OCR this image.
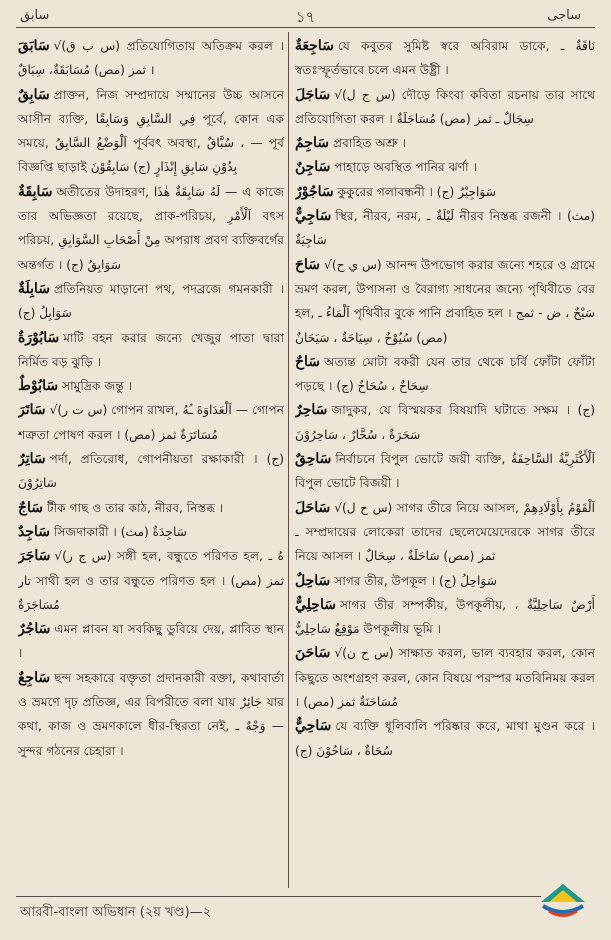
سابق	১৭	ساجی

سَابَقَ √(س ب ق) প্রতিযোগিতায় অতিক্রম করল । ثمز (مص) مُسَابَقَةٌ، سِبَاقٌ ।

سَابِقٌ প্রাক্তন, নিজ সম্প্রদায়ে সম্মানের উচ্চ আসনে আসীন ব্যক্তি, فِي السَّابِقِ وَسَابِقًا পূর্বে, কোন এক সময়ে, اَلْوَضْعُ السَّابِقُ পূর্ববৎ অবস্থা, سُبَّاقٌ ، — পূর্ব বিজ্ঞপ্তি ছাড়াই بِدُوْنِ سَابِقِ إِنْذَارٍ (ج) سَابِقُوْنَ

سَابِقَةٌ অতীতের উদাহরণ, لَهُ سَابِقَةٌ هٰذَا — এ কাজে তার অভিজ্ঞতা রয়েছে, প্রাক-পরিচয়, اَلْأَمْرِ বৎস পরিচয়, مِنْ أَصْحَابِ السَّوَابِقِ অপরাধ প্রবণ ব্যক্তিবর্গের অন্তর্গত । (ج) سَوَابِقُ

سَابِلَةٌ প্রতিনিয়ত মাড়ানো পথ, পদব্রজে গমনকারী । (ج) سَوَابِلُ

سَابُوْرَةٌ মাটি বহন করার জন্যে খেজুর পাতা দ্বারা নির্মিত বড় ঝুড়ি ।

سَابُوْطٌ সামুদ্রিক জন্তু ।

سَاتَرَ √(س ت ر) গোপন রাখল, اَلْعَدَاوَةَ ـُهُ — গোপন শত্রুতা পোষণ করল । (مص) مُسَاتَرَةٌ ثمز

سَاتِرٌ পর্দা, প্রতিরোধ, গোপনীয়তা রক্ষাকারী । (ج) سَاتِرُوْنَ

سَاجٌ টীক গাছ ও তার কাঠ, নীরব, নিস্তব্ধ ।

سَاجِدٌ সিজদাকারী । (مث) سَاجِدَةٌ

سَاجَرَ √(س ج ر) সঙ্গী হল, বন্ধুতে পরিণত হল, هُ ـ تار সাথী হল ও তার বন্ধুতে পরিণত হল । ثمز (مص) مُسَاجَرَةٌ

سَاجُرٌ এমন প্লাবন যা সবকিছু ডুবিয়ে দেয়, প্লাবিত স্থান ।

سَاجِعٌ ছন্দ সহকারে বক্তৃতা প্রদানকারী বক্তা, কথাবার্তা ও ভ্রমণে দৃঢ় প্রতিজ্ঞ, এর বিপরীতে বলা যায় جَائِرٌ যার কথা, কাজ ও ভ্রমণকালে ধীর-স্থিরতা নেই, وَجْهٌ ـ — সুন্দর গঠনের চেহারা ।

سَاجِعَةٌ যে কবুতর সুমিষ্ট স্বরে অবিরাম ডাকে, نَاقَةٌ ـ স্বতঃস্ফূর্তভাবে চলে এমন উষ্ট্রী ।

سَاجَلَ √(س ج ل) দৌড়ে কিংবা কবিতা রচনায় তার সাথে প্রতিযোগিতা করল । سِجَالٌ ـ ثمز (مص) مُسَاجَلَةٌ

سَاجِمٌ প্রবাহিত অশ্রু ।

سَاجِنٌ পাহাড়ে অবস্থিত পানির ঝর্ণা ।

سَاجُوْرٌ কুকুরের গলাবন্ধনী । (ج) سَوَاجِيْرُ

سَاجِيٌّ স্থির, নীরব, নরম, لَيْلَةٌ ـ নীরব নিস্তব্ধ রজনী । (مث) سَاجِيَةٌ

سَاحَ √(س ي ح) আনন্দ উপভোগ করার জন্যে শহরে ও গ্রামে ভ্রমণ করল, উপাসনা ও বৈরাগ্য সাধনের জন্যে পৃথিবীতে বের হল, اَلْمَاءُ ـ পৃথিবীর বুকে পানি প্রবাহিত হল । سَيْحٌ ، ض - ثمج (مص) سُيُوْحٌ ، سِيَاحَةٌ ، سَيَحَانٌ

سَاحٌ অত্যন্ত মোটা বকরী যেন তার থেকে চর্বি ফোঁটা ফোঁটা পড়ছে । (ج) سِحَاحٌ ، سُحَاحٌ

سَاحِرٌ জাদুকর, যে বিস্ময়কর বিষয়াদি ঘটাতে সক্ষম । (ج) سَحَرَةٌ ، سُحَّارٌ ، سَاحِرُوْنَ

سَاحِقٌ নির্বাচনে বিপুল ভোটে জয়ী ব্যক্তি, اَلْأَكْثَرِيَّةُ السَّاحِقَةُ বিপুল ভোটে বিজয়ী ।

سَاحَلَ √(س ح ل) সাগর তীরে নিয়ে আসল, اَلْقَوْمُ بِأَوْلَادِهِمْ ـ সম্প্রদায়ের লোকেরা তাদের ছেলেমেয়েদেরকে সাগর তীরে নিয়ে আসল । ثمز (مص) سَاحَلَةٌ ، سِحَالٌ

سَاحِلٌ সাগর তীর, উপকূল । (ج) سَوَاحِلُ

سَاحِلِيٌّ সাগর তীর সম্পর্কীয়, উপকূলীয়, أَرْضٌ سَاحِلِيَّةٌ ، مَوْقِعٌ سَاحِلِيٌّ উপকূলীয় ভূমি ।

سَاحَنَ √(س ح ن) সাক্ষাত করল, ভাল ব্যবহার করল, কোন কিছুতে অংশগ্রহণ করল, কোন বিষয়ে পরস্পর মতবিনিময় করল । مُسَاحَنَةٌ ثمز (مص)

سَاحِيٌّ যে ব্যক্তি ধূলিবালি পরিষ্কার করে, মাথা মুণ্ডন করে । (ج) سُحَاةٌ ، سَاحُوْنَ

আরবী-বাংলা অভিধান (২য় খণ্ড)—২
